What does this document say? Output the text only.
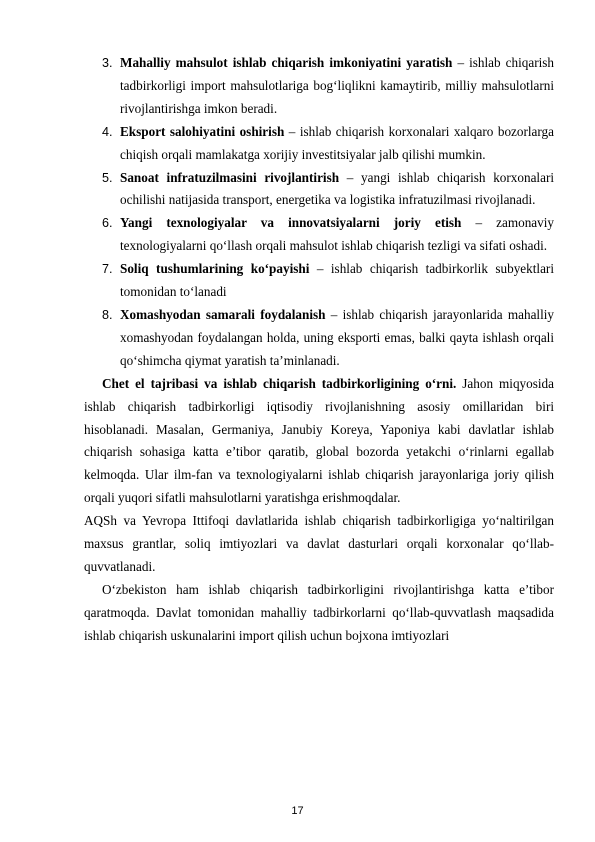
3. Mahalliy mahsulot ishlab chiqarish imkoniyatini yaratish – ishlab chiqarish tadbirkorligi import mahsulotlariga bog‘liqlikni kamaytirib, milliy mahsulotlarni rivojlantirishga imkon beradi.
4. Eksport salohiyatini oshirish – ishlab chiqarish korxonalari xalqaro bozorlarga chiqish orqali mamlakatga xorijiy investitsiyalar jalb qilishi mumkin.
5. Sanoat infratuzilmasini rivojlantirish – yangi ishlab chiqarish korxonalari ochilishi natijasida transport, energetika va logistika infratuzilmasi rivojlanadi.
6. Yangi texnologiyalar va innovatsiyalarni joriy etish – zamonaviy texnologiyalarni qo‘llash orqali mahsulot ishlab chiqarish tezligi va sifati oshadi.
7. Soliq tushumlarining ko‘payishi – ishlab chiqarish tadbirkorlik subyektlari tomonidan to‘lanadi
8. Xomashyodan samarali foydalanish – ishlab chiqarish jarayonlarida mahalliy xomashyodan foydalangan holda, uning eksporti emas, balki qayta ishlash orqali qo‘shimcha qiymat yaratish ta’minlanadi.

Chet el tajribasi va ishlab chiqarish tadbirkorligining o‘rni. Jahon miqyosida ishlab chiqarish tadbirkorligi iqtisodiy rivojlanishning asosiy omillaridan biri hisoblanadi. Masalan, Germaniya, Janubiy Koreya, Yaponiya kabi davlatlar ishlab chiqarish sohasiga katta e’tibor qaratib, global bozorda yetakchi o‘rinlarni egallab kelmoqda. Ular ilm-fan va texnologiyalarni ishlab chiqarish jarayonlariga joriy qilish orqali yuqori sifatli mahsulotlarni yaratishga erishmoqdalar.

AQSh va Yevropa Ittifoqi davlatlarida ishlab chiqarish tadbirkorligiga yo‘naltirilgan maxsus grantlar, soliq imtiyozlari va davlat dasturlari orqali korxonalar qo‘llab-quvvatlanadi.

O‘zbekiston ham ishlab chiqarish tadbirkorligini rivojlantirishga katta e’tibor qaratmoqda. Davlat tomonidan mahalliy tadbirkorlarni qo‘llab-quvvatlash maqsadida ishlab chiqarish uskunalarini import qilish uchun bojxona imtiyozlari

17
